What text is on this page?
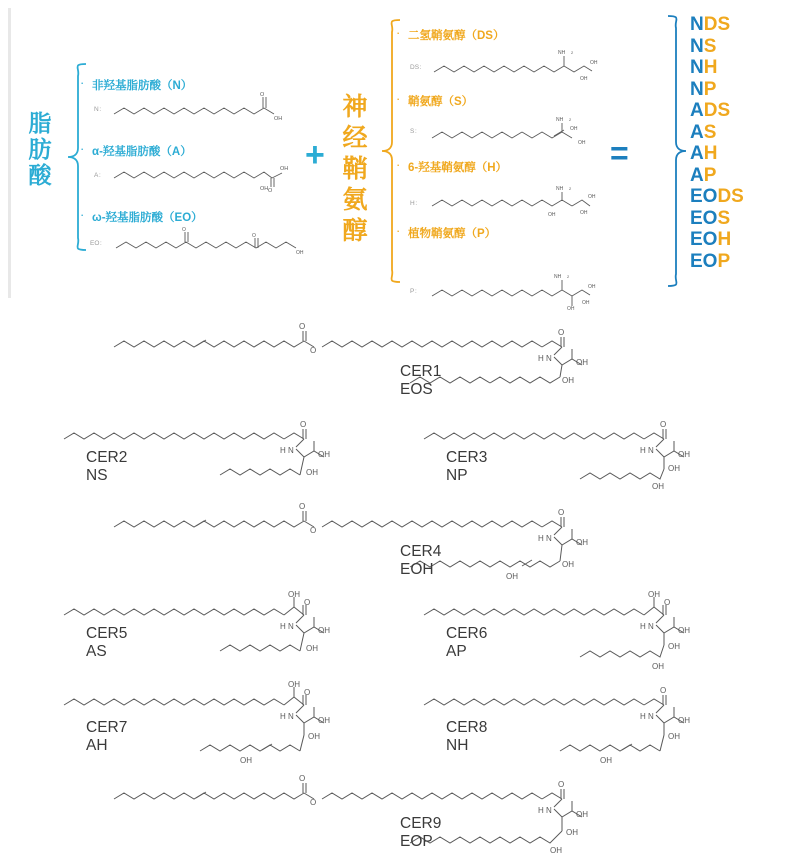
脂肪酸
· 非羟基脂肪酸（N）
N：
O
OH
· α-羟基脂肪酸（A）
A：
O
OH
OH
· ω-羟基脂肪酸（EO）
EO：
O
O
OH
+
神经鞘氨醇
· 二氢鞘氨醇（DS）
DS：
NH 2
OH
OH
· 鞘氨醇（S）
S：
NH 2
OH
OH
· 6-羟基鞘氨醇（H）
H：
NH 2
OH
OH
OH
· 植物鞘氨醇（P）
P：
NH 2
OH
OH
OH
=
NDS
NS
NH
NP
ADS
AS
AH
AP
EODS
EOS
EOH
EOP
O
O
O
H N	OH
OH
CER1
EOS
O
H N	OH
OH
CER2
NS
O
H N	OH
OH
OH
CER3
NP
O
O
O
H N	OH
OH
OH
CER4
EOH
OH
O
H N	OH
OH
CER5
AS
OH
O
H N	OH
OH
OH
CER6
AP
OH
O
H N	OH
OH
OH
CER7
AH
O
H N	OH
OH
OH
CER8
NH
O
O
O
H N	OH
OH
OH
CER9
EOP
